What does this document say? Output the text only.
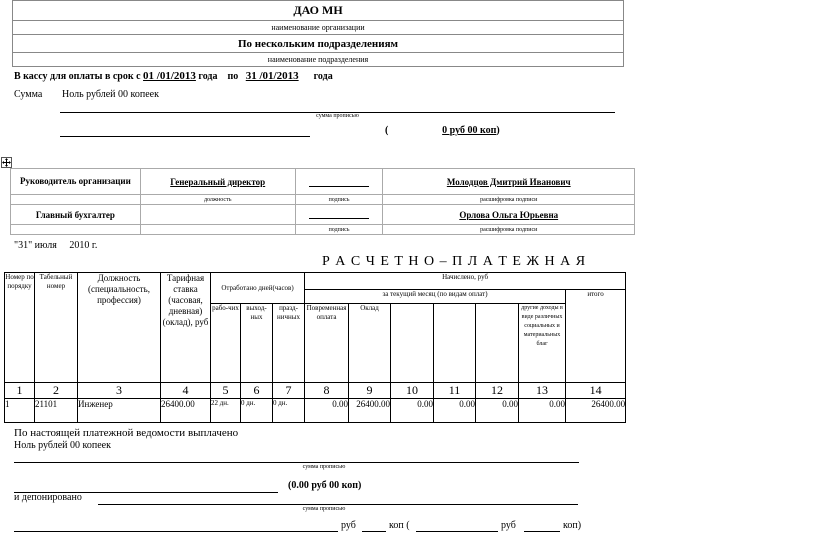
ДАО МН
наименование организации
По нескольким подразделениям
наименование подразделения
В кассу для оплаты в срок с 01 /01/2013 года по 31 /01/2013 года
Сумма Ноль рублей 00 копеек
сумма прописью
(	0 руб 00 коп)
Руководитель организации	Генеральный директор		Молодцов Дмитрий Иванович
	должность	подпись	расшифровка подписи
Главный бухгалтер			Орлова Ольга Юрьевна
		подпись	расшифровка подписи
"31" июля 2010 г.
Р А С Ч Е Т Н О – П Л А Т Е Ж Н А Я
Номер по порядку	Табельный номер	Должность (специальность, профессия)	Тарифная ставка (часовая, дневная) (оклад), руб	Отработано дней(часов)			Начислено, руб						
							за текущий месяц (по видам оплат)						итого
				рабо-чих	выход-ных	празд-ничных	Повременная оплата	Оклад				другие доходы в виде различных социальных и материальных благ	
1	2	3	4	5	6	7	8	9	10	11	12	13	14
1	21101	Инженер	26400.00	22 дн.	0 дн.	0 дн.	0.00	26400.00	0.00	0.00	0.00	0.00	26400.00
По настоящей платежной ведомости выплачено
Ноль рублей 00 копеек
сумма прописью
(0.00 руб 00 коп)
и депонировано
сумма прописью
руб	коп (	руб	коп)
